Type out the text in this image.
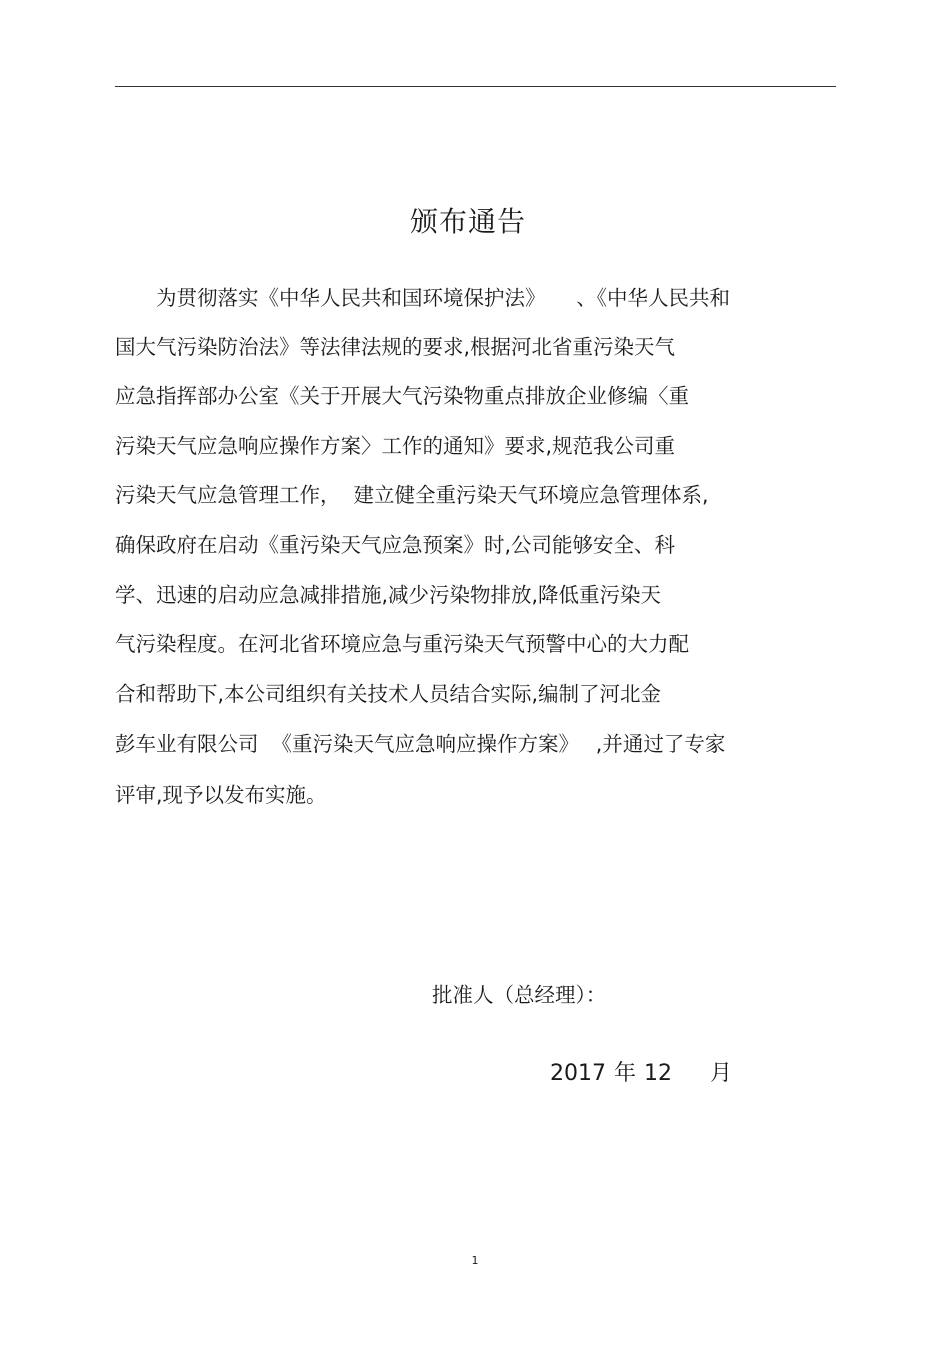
颁布通告
　　为贯彻落实《中华人民共和国环境保护法》　　、《中华人民共和
国大气污染防治法》等法律法规的要求,根据河北省重污染天气
应急指挥部办公室《关于开展大气污染物重点排放企业修编〈重
污染天气应急响应操作方案〉工作的通知》要求,规范我公司重
污染天气应急管理工作，  建立健全重污染天气环境应急管理体系,
确保政府在启动《重污染天气应急预案》时,公司能够安全、科
学、迅速的启动应急减排措施,减少污染物排放,降低重污染天
气污染程度。在河北省环境应急与重污染天气预警中心的大力配
合和帮助下,本公司组织有关技术人员结合实际,编制了河北金
彭车业有限公司  《重污染天气应急响应操作方案》　 ,并通过了专家
评审,现予以发布实施。
批准人（总经理）：

2017 年 12 月

1
